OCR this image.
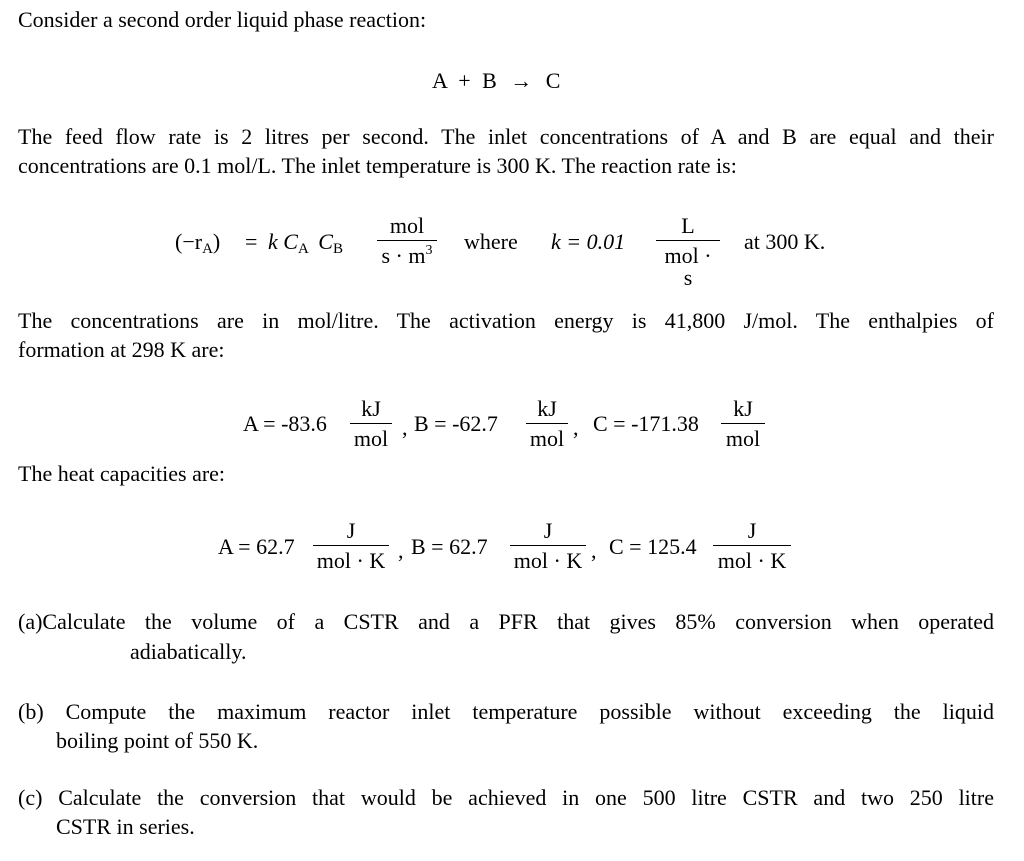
Consider a second order liquid phase reaction:
A + B → C
The feed flow rate is 2 litres per second. The inlet concentrations of A and B are equal and their
concentrations are 0.1 mol/L. The inlet temperature is 300 K. The reaction rate is:
$(-r_A) = k$ $C_A$ $C_B$
mol
$s \cdot m^3$ where k = 0.01
L
mol · s
at 300 K.
The concentrations are in mol/litre. The activation energy is 41,800 J/mol. The enthalpies of
formation at 298 K are:
A = -83.6
kJ
mol , B = -62.7
kJ
mol , C = -171.38
kJ
mol
The heat capacities are:
A = 62.7
J
mol · K , B = 62.7
J
mol · K , C = 125.4
J
mol · K
(a)Calculate the volume of a CSTR and a PFR that gives 85% conversion when operated
adiabatically.
(b) Compute the maximum reactor inlet temperature possible without exceeding the liquid
boiling point of 550 K.
(c) Calculate the conversion that would be achieved in one 500 litre CSTR and two 250 litre
CSTR in series.
